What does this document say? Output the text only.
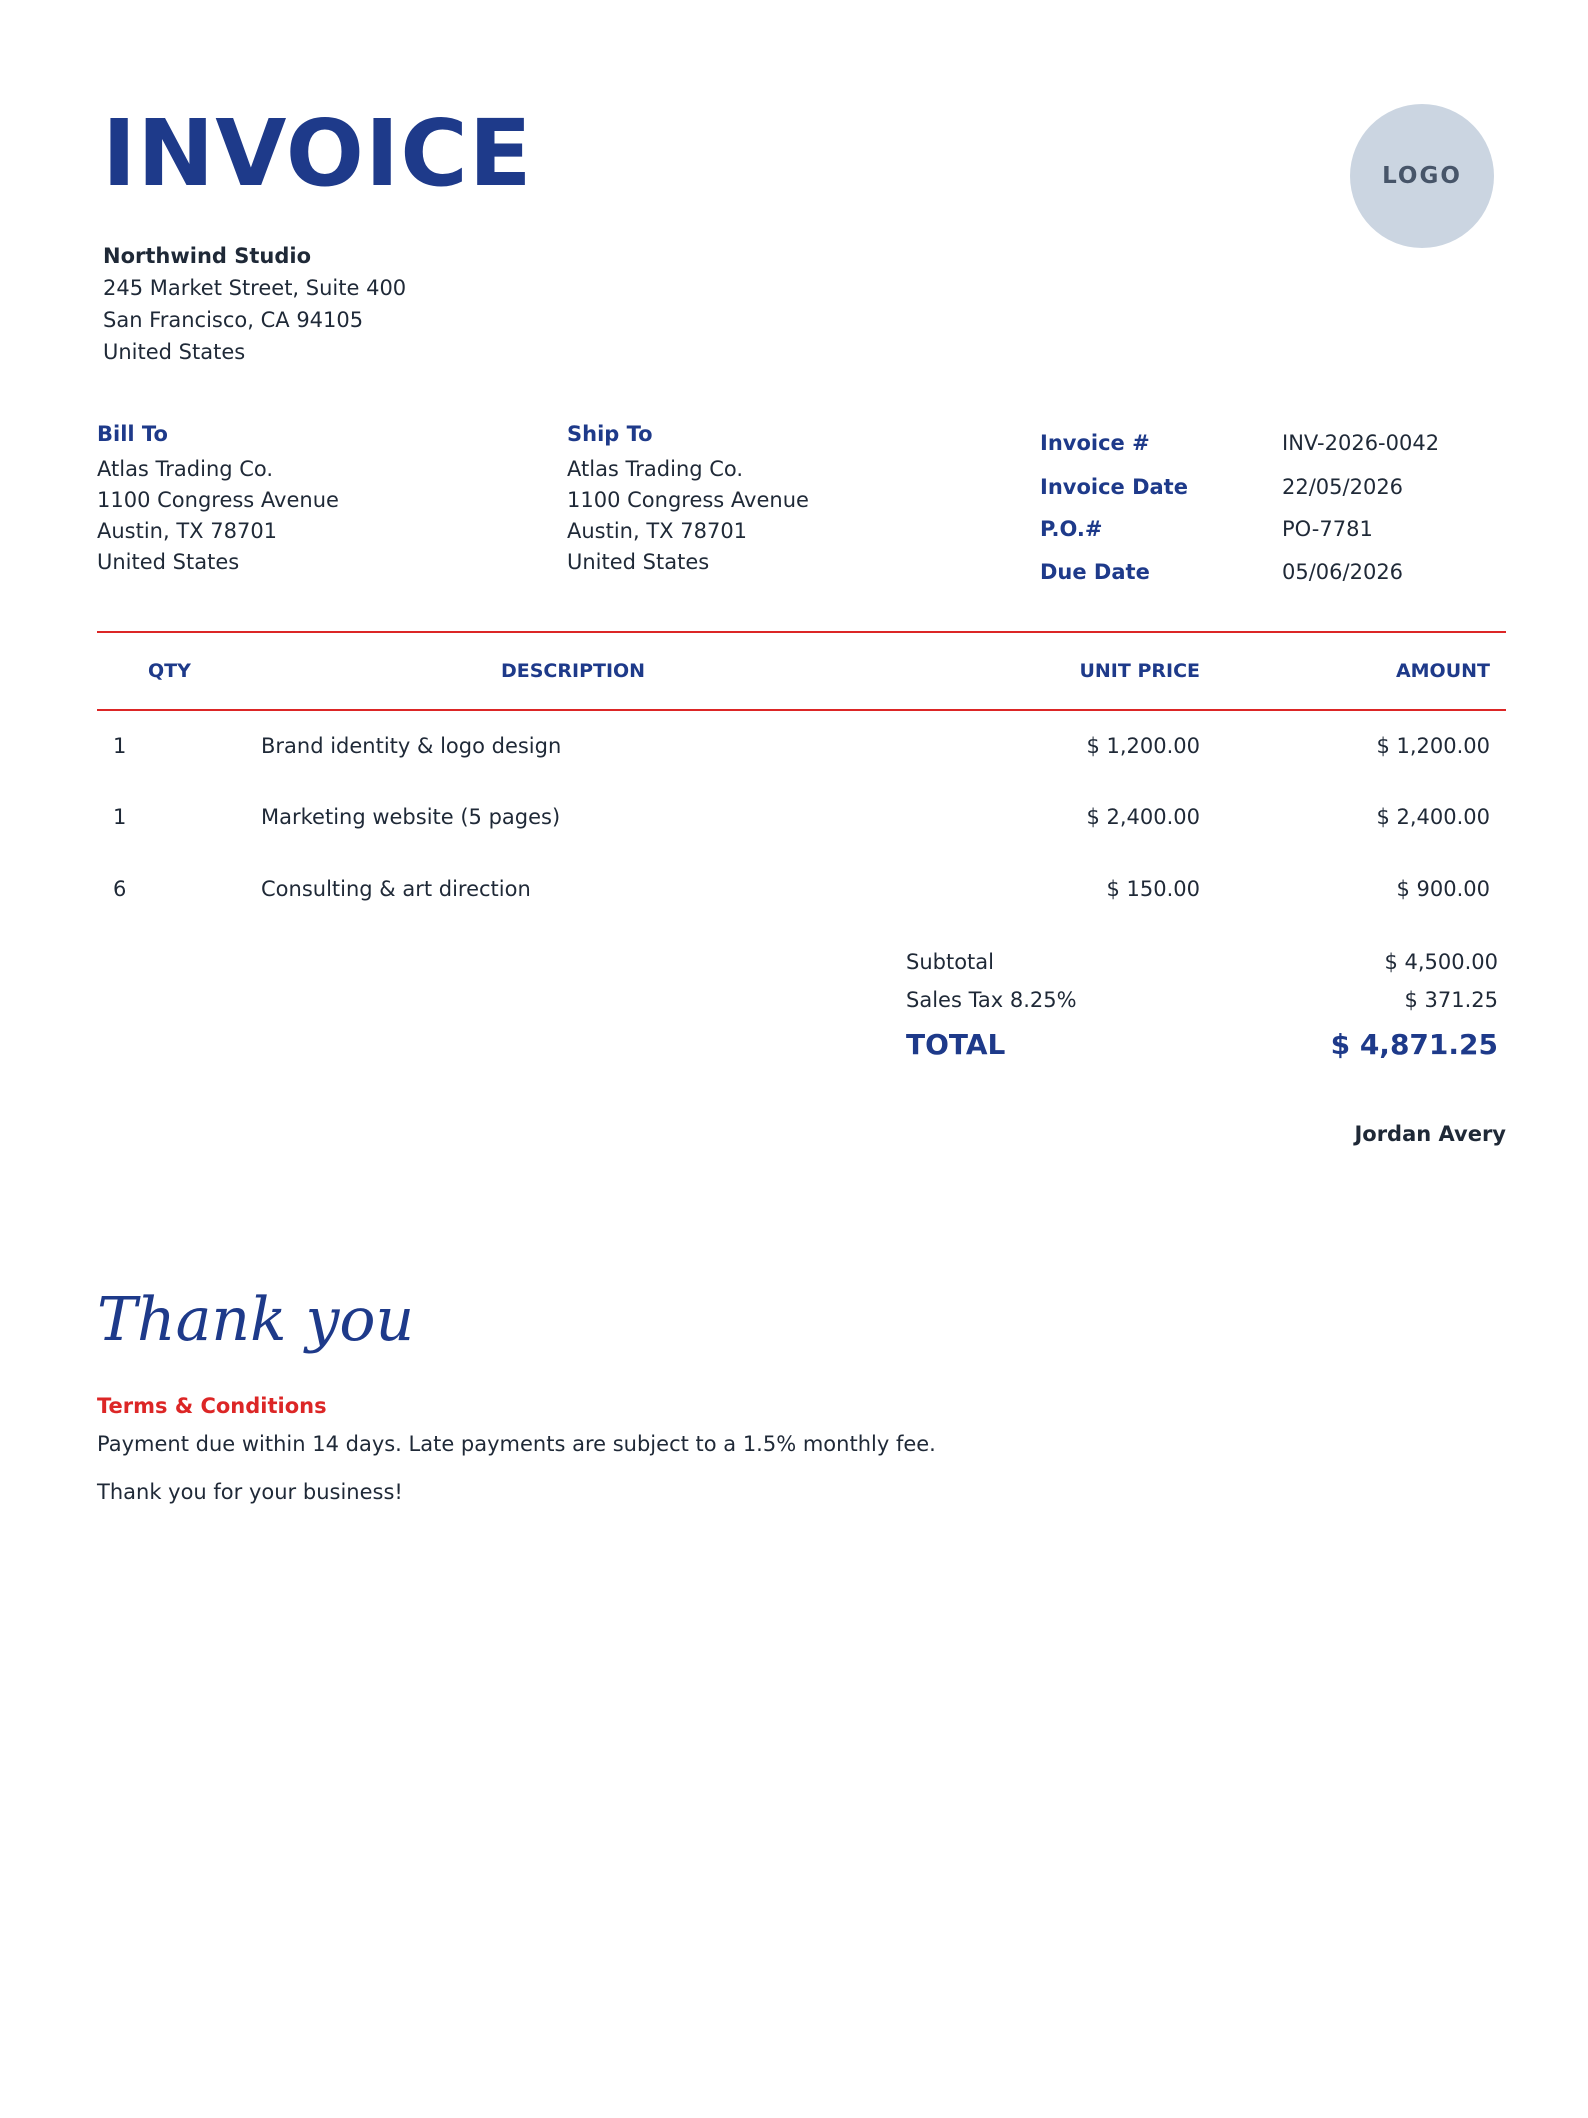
INVOICE	LOGO
Northwind Studio
245 Market Street, Suite 400
San Francisco, CA 94105
United States
Bill To
Atlas Trading Co.
1100 Congress Avenue
Austin, TX 78701
United States
Ship To
Atlas Trading Co.
1100 Congress Avenue
Austin, TX 78701
United States
Invoice #	INV-2026-0042
Invoice Date	22/05/2026
P.O.#	PO-7781
Due Date	05/06/2026
QTY	DESCRIPTION	UNIT PRICE	AMOUNT
1	Brand identity & logo design	$ 1,200.00	$ 1,200.00
1	Marketing website (5 pages)	$ 2,400.00	$ 2,400.00
6	Consulting & art direction	$ 150.00	$ 900.00
Subtotal	$ 4,500.00
Sales Tax 8.25%	$ 371.25
TOTAL	$ 4,871.25
Jordan Avery
Thank you
Terms & Conditions
Payment due within 14 days. Late payments are subject to a 1.5% monthly fee.
Thank you for your business!
